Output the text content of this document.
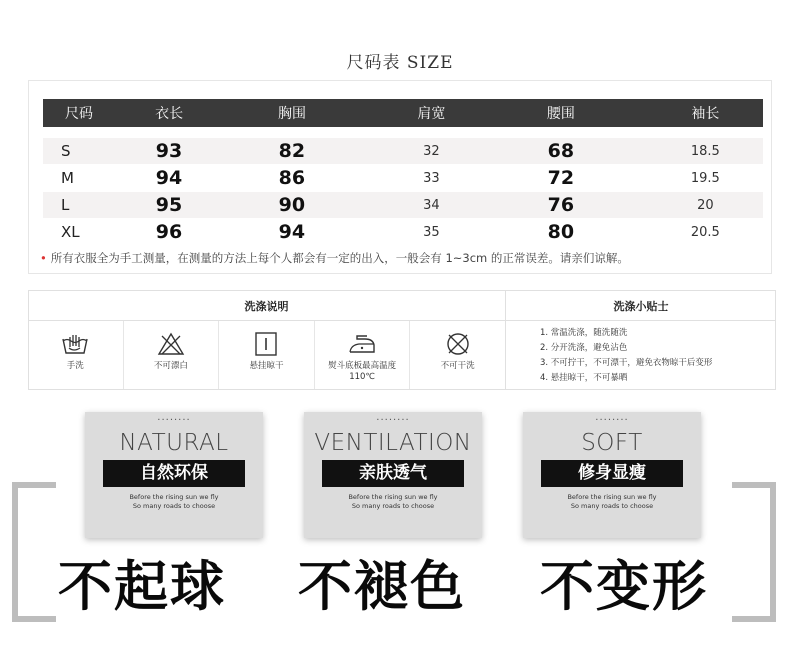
尺码表 SIZE
尺码	衣长	胸围	肩宽	腰围	袖长
S	93	82	32	68	18.5
M	94	86	33	72	19.5
L	95	90	34	76	20
XL	96	94	35	80	20.5
• 所有衣服全为手工测量，在测量的方法上每个人都会有一定的出入，一般会有 1~3cm 的正常误差。请亲们谅解。
洗涤说明	洗涤小贴士
手洗	不可漂白	悬挂晾干	熨斗底板最高温度110℃
不可干洗
1. 常温洗涤，随洗随洗
2. 分开洗涤，避免沾色
3. 不可拧干，不可漂干，避免衣物晾干后变形
4. 悬挂晾干，不可暴晒
........
NATURAL
自然环保
Before the rising sun we fly
So many roads to choose
........
VENTILATION
亲肤透气
Before the rising sun we fly
So many roads to choose
........
SOFT
修身显瘦
Before the rising sun we fly
So many roads to choose
不起球 不褪色 不变形
